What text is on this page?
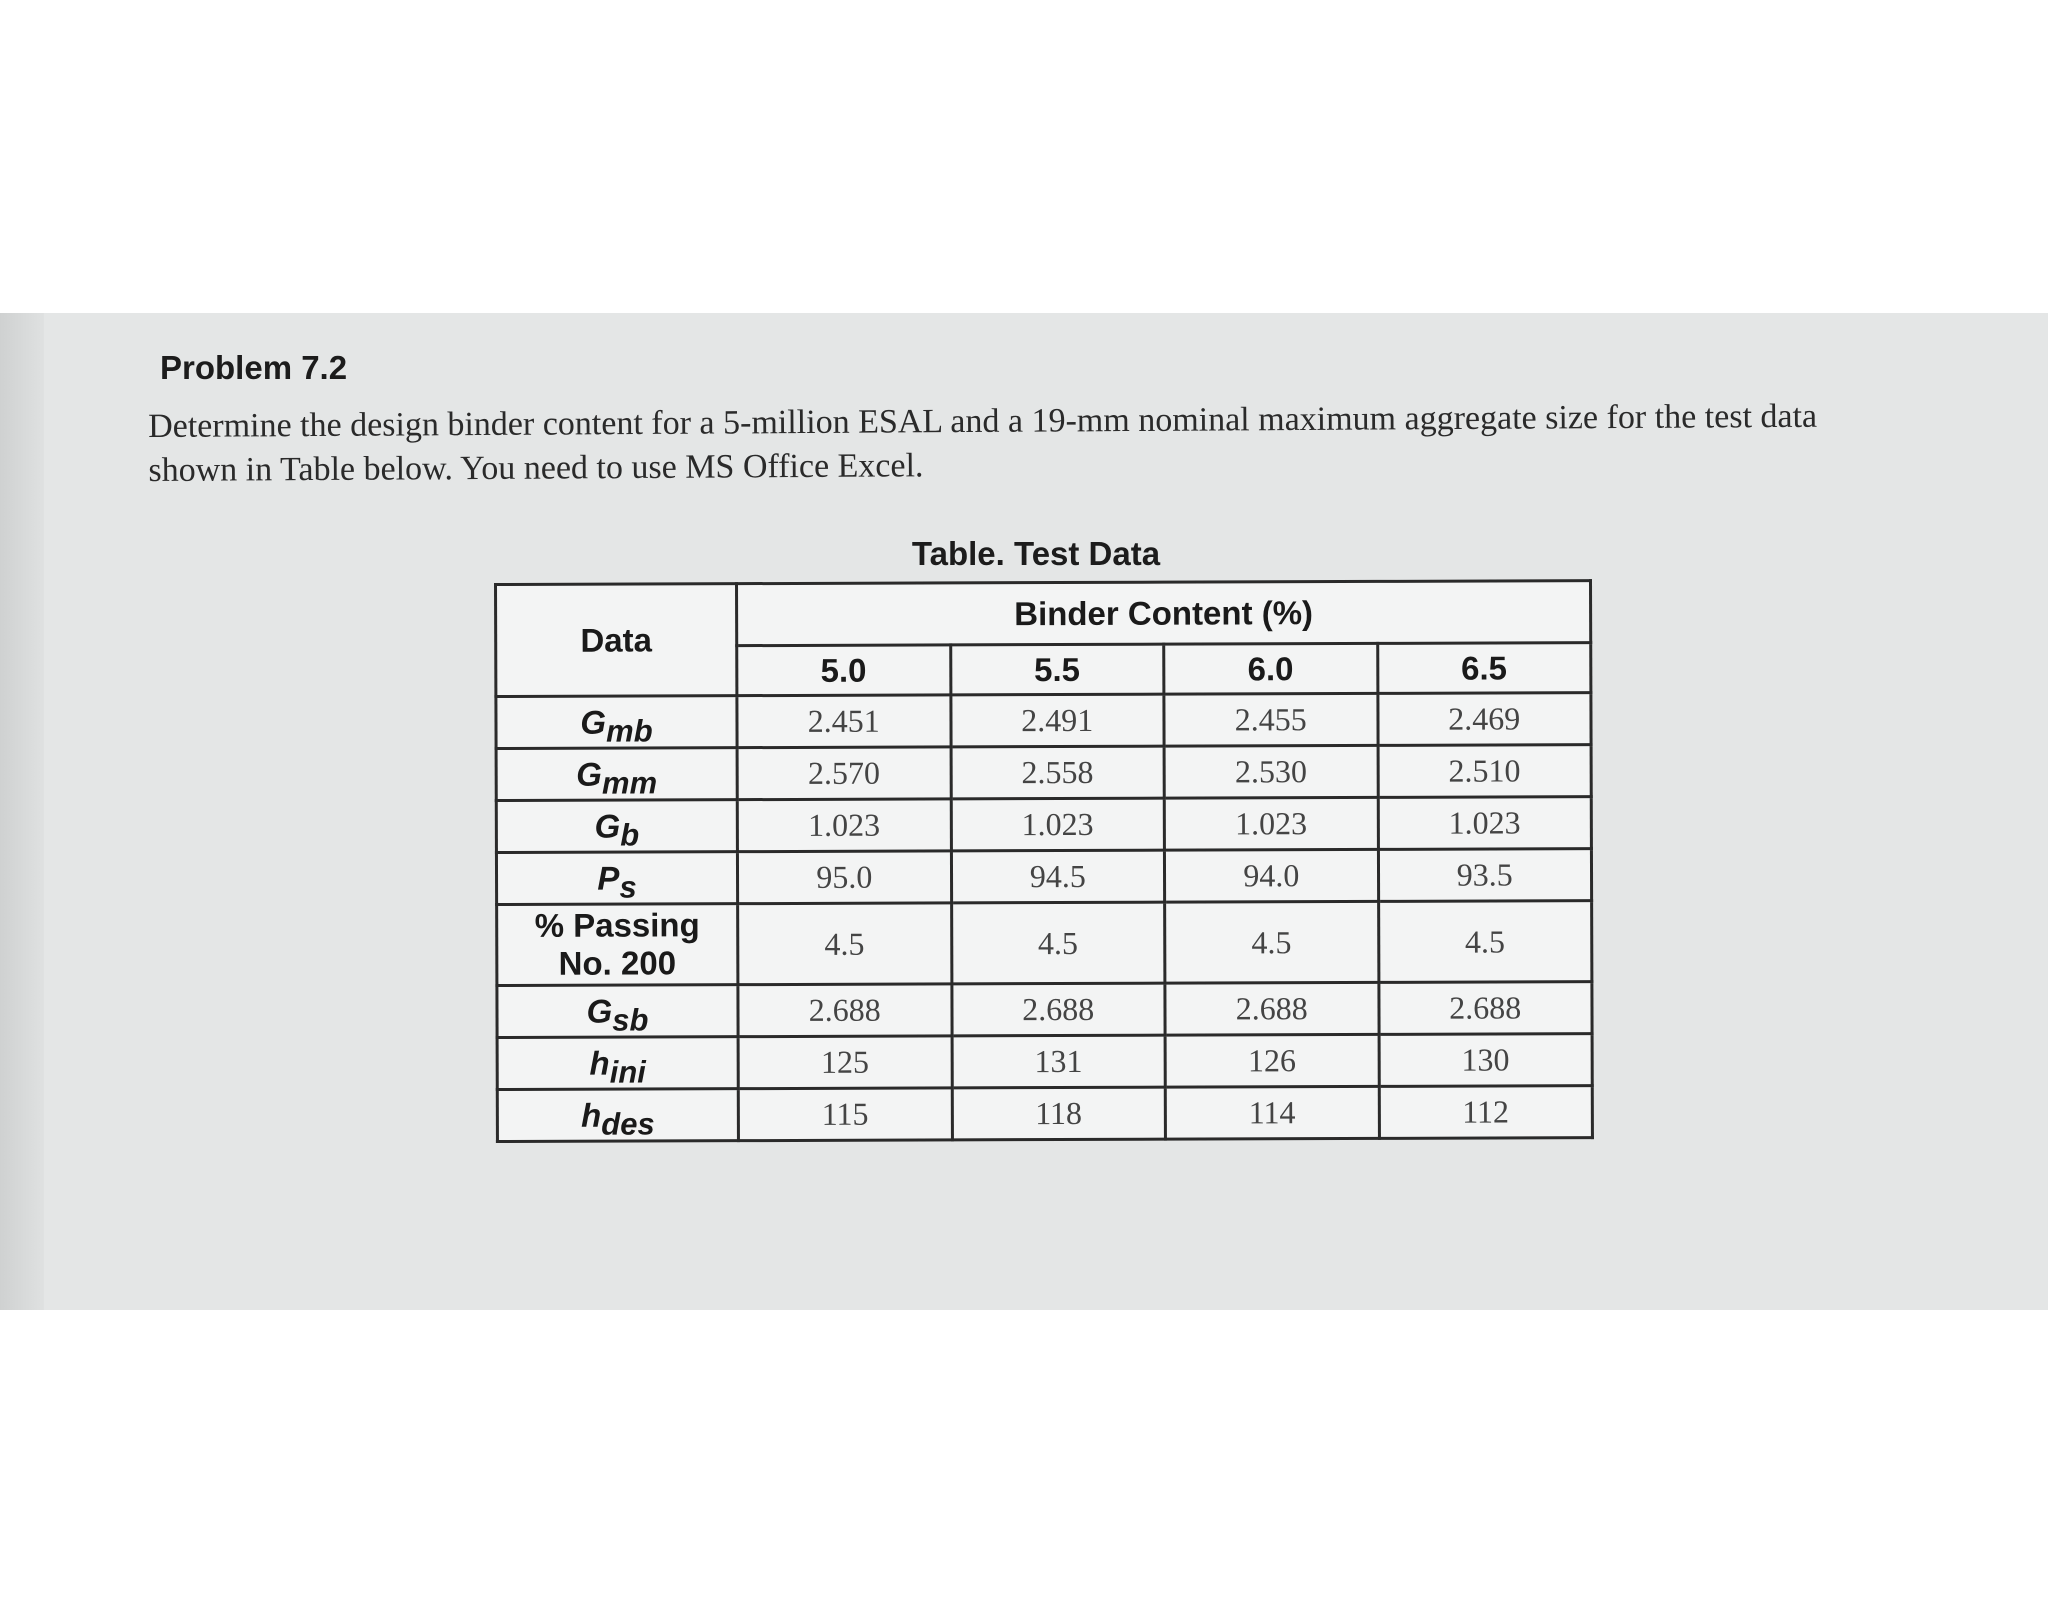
Problem 7.2
Determine the design binder content for a 5-million ESAL and a 19-mm nominal maximum aggregate size for the test data shown in Table below. You need to use MS Office Excel.
Table. Test Data
Data	Binder Content (%)			
	5.0	5.5	6.0	6.5
Gmb	2.451	2.491	2.455	2.469
Gmm	2.570	2.558	2.530	2.510
Gb	1.023	1.023	1.023	1.023
Ps	95.0	94.5	94.0	93.5

% Passing
No. 200	4.5	4.5	4.5	4.5
Gsb	2.688	2.688	2.688	2.688
hini	125	131	126	130
hdes	115	118	114	112
